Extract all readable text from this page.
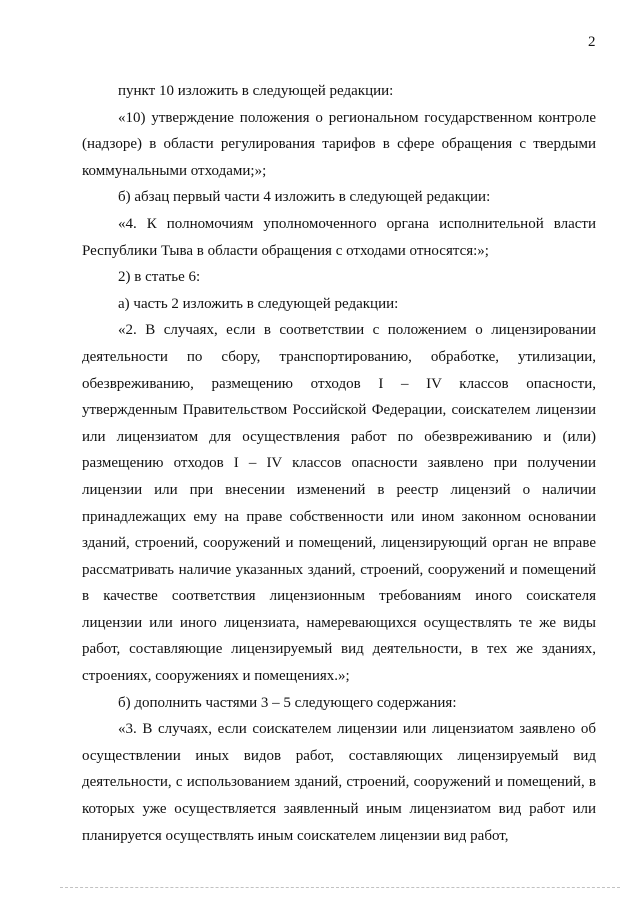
2

пункт 10 изложить в следующей редакции:

«10) утверждение положения о региональном государственном контроле (надзоре) в области регулирования тарифов в сфере обращения с твердыми коммунальными отходами;»;

б) абзац первый части 4 изложить в следующей редакции:

«4. К полномочиям уполномоченного органа исполнительной власти Республики Тыва в области обращения с отходами относятся:»;

2) в статье 6:

а) часть 2 изложить в следующей редакции:

«2. В случаях, если в соответствии с положением о лицензировании деятельности по сбору, транспортированию, обработке, утилизации, обезвреживанию, размещению отходов I – IV классов опасности, утвержденным Правительством Российской Федерации, соискателем лицензии или лицензиатом для осуществления работ по обезвреживанию и (или) размещению отходов I – IV классов опасности заявлено при получении лицензии или при внесении изменений в реестр лицензий о наличии принадлежащих ему на праве собственности или ином законном основании зданий, строений, сооружений и помещений, лицензирующий орган не вправе рассматривать наличие указанных зданий, строений, сооружений и помещений в качестве соответствия лицензионным требованиям иного соискателя лицензии или иного лицензиата, намеревающихся осуществлять те же виды работ, составляющие лицензируемый вид деятельности, в тех же зданиях, строениях, сооружениях и помещениях.»;

б) дополнить частями 3 – 5 следующего содержания:

«3. В случаях, если соискателем лицензии или лицензиатом заявлено об осуществлении иных видов работ, составляющих лицензируемый вид деятельности, с использованием зданий, строений, сооружений и помещений, в которых уже осуществляется заявленный иным лицензиатом вид работ или планируется осуществлять иным соискателем лицензии вид работ,
